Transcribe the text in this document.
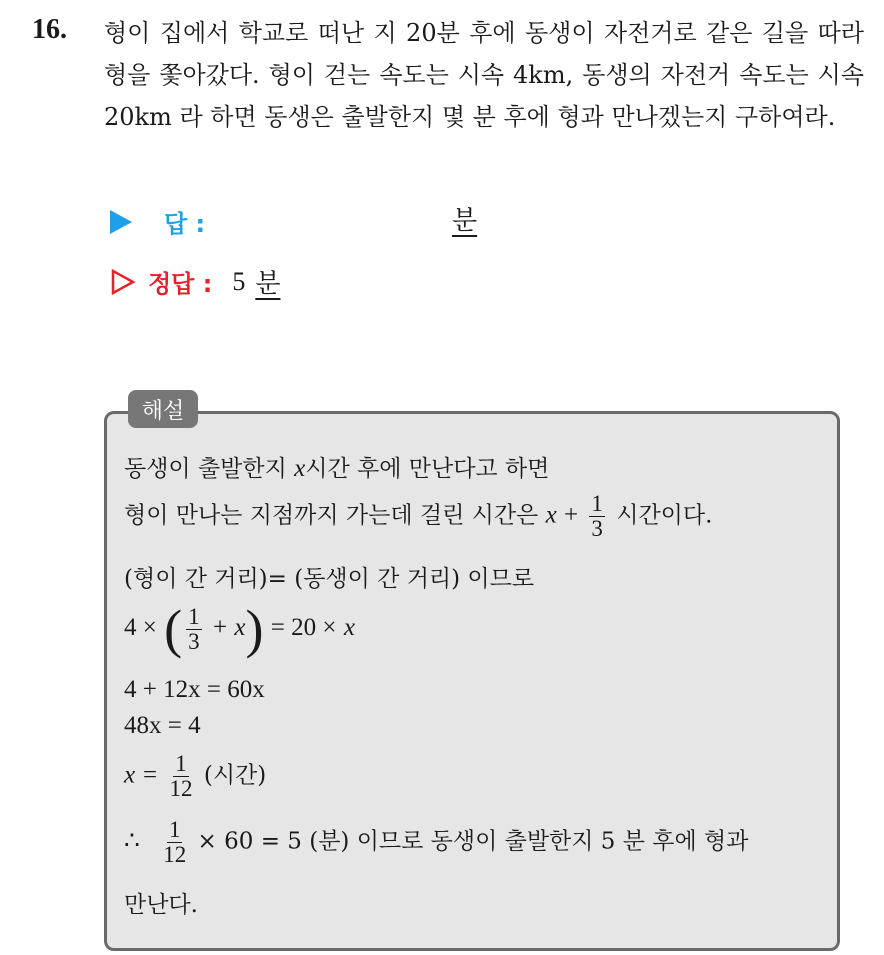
16. 형이 집에서 학교로 떠난 지 20분 후에 동생이 자전거로 같은 길을 따라 형을 쫓아갔다. 형이 걷는 속도는 시속 4km, 동생의 자전거 속도는 시속 20km 라 하면 동생은 출발한지 몇 분 후에 형과 만나겠는지 구하여라.
답 :	분
정답 : 5 분
해설
동생이 출발한지 x시간 후에 만난다고 하면
형이 만나는 지점까지 가는데 걸린 시간은 $x + \frac{1}{3}$ 시간이다.
(형이 간 거리)= (동생이 간 거리) 이므로
4 × ( $\frac{1}{3} + x) = 20 \times x$
4 + 12x = 60x
48x = 4
$x = \frac{1}{12}$ (시간)
∴ $\frac{1}{12} \times 60 = 5$ (분) 이므로 동생이 출발한지 5 분 후에 형과
만난다.
